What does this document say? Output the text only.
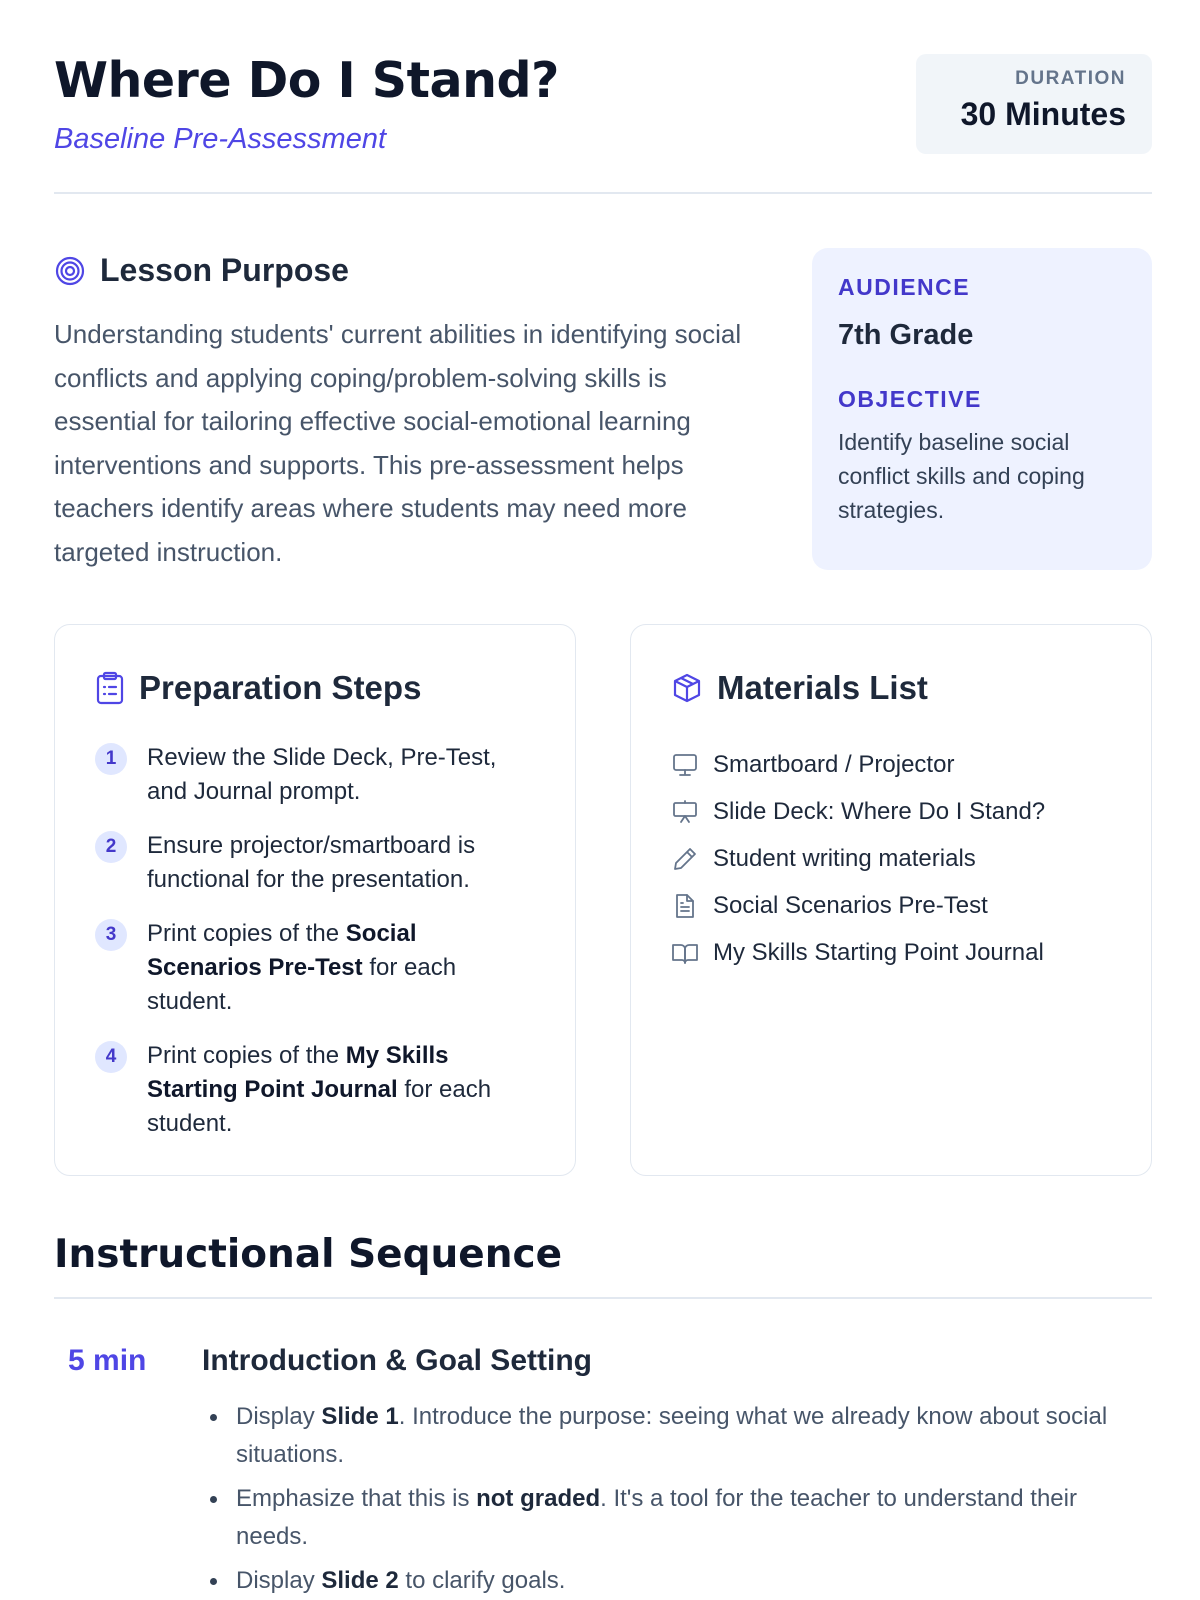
Where Do I Stand?
Baseline Pre-Assessment
DURATION
30 Minutes
Lesson Purpose

Understanding students' current abilities in identifying social conflicts and applying coping/problem-solving skills is essential for tailoring effective social-emotional learning interventions and supports. This pre-assessment helps teachers identify areas where students may need more targeted instruction.

AUDIENCE
7th Grade
OBJECTIVE
Identify baseline social conflict skills and coping strategies.
Preparation Steps
1	Review the Slide Deck, Pre-Test, and Journal prompt.
2	Ensure projector/smartboard is functional for the presentation.
3	Print copies of the Social Scenarios Pre-Test for each student.
4	Print copies of the My Skills Starting Point Journal for each student.
Materials List
Smartboard / Projector
Slide Deck: Where Do I Stand?
Student writing materials
Social Scenarios Pre-Test
My Skills Starting Point Journal
Instructional Sequence
5 min Introduction & Goal Setting
Display Slide 1. Introduce the purpose: seeing what we already know about social situations.
Emphasize that this is not graded. It's a tool for the teacher to understand their needs.
Display Slide 2 to clarify goals.
